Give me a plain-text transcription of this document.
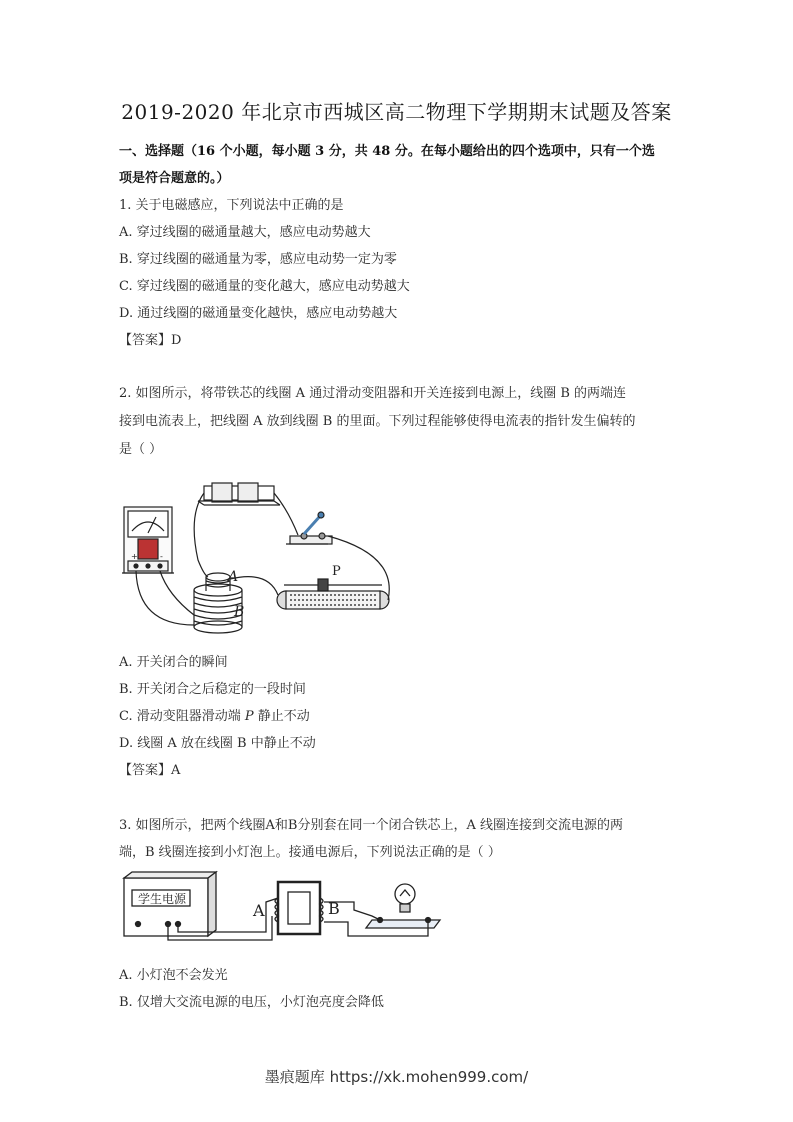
2019-2020 年北京市西城区高二物理下学期期末试题及答案
一、选择题（16 个小题，每小题 3 分，共 48 分。在每小题给出的四个选项中，只有一个选
项是符合题意的。）
1. 关于电磁感应，下列说法中正确的是
A. 穿过线圈的磁通量越大，感应电动势越大
B. 穿过线圈的磁通量为零，感应电动势一定为零
C. 穿过线圈的磁通量的变化越大，感应电动势越大
D. 通过线圈的磁通量变化越快，感应电动势越大
【答案】D
2. 如图所示，将带铁芯的线圈 A 通过滑动变阻器和开关连接到电源上，线圈 B 的两端连
接到电流表上，把线圈 A 放到线圈 B 的里面。下列过程能够使得电流表的指针发生偏转的
是（ ）
A
B
P
+	-
A. 开关闭合的瞬间
B. 开关闭合之后稳定的一段时间
C. 滑动变阻器滑动端 P 静止不动
D. 线圈 A 放在线圈 B 中静止不动
【答案】A
3. 如图所示，把两个线圈A和B分别套在同一个闭合铁芯上，A 线圈连接到交流电源的两
端，B 线圈连接到小灯泡上。接通电源后，下列说法正确的是（ ）
学生电源
A	B
A. 小灯泡不会发光
B. 仅增大交流电源的电压，小灯泡亮度会降低
墨痕题库 https://xk.mohen999.com/
